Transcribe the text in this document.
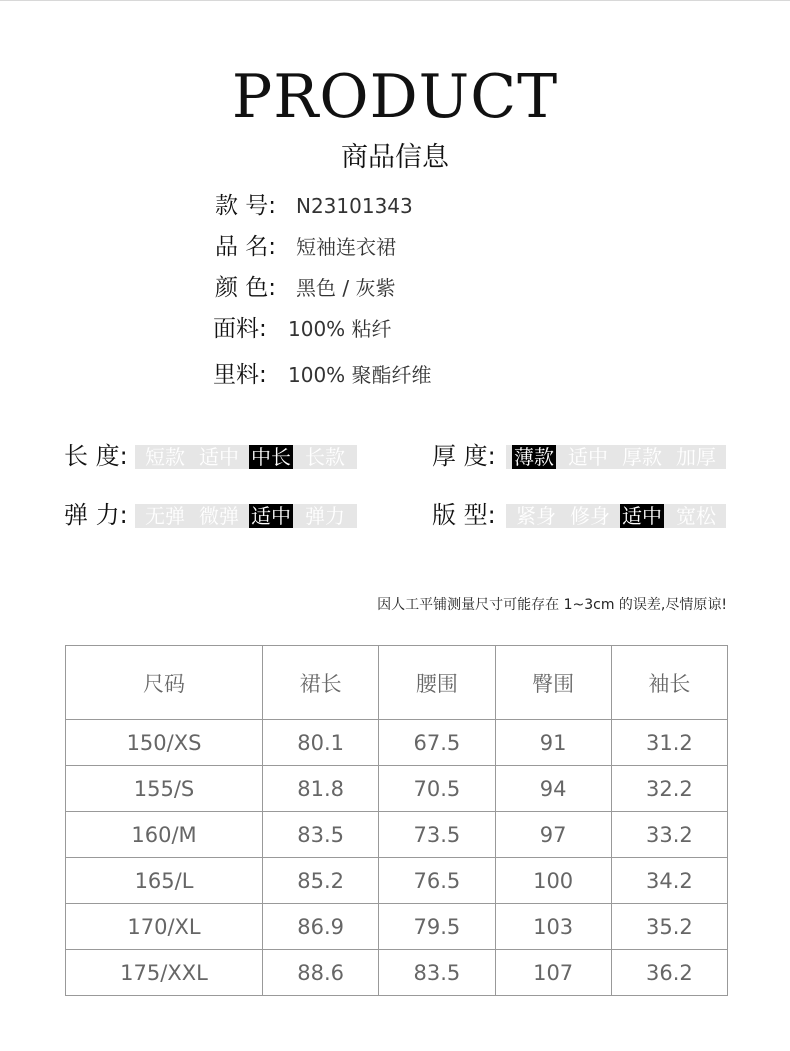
PRODUCT
商品信息
款 号: N23101343
品 名: 短袖连衣裙
颜 色: 黑色 / 灰紫
面料: 100% 粘纤
里料: 100% 聚酯纤维
长 度: 短款 适中 中长 长款	厚 度: 薄款 适中 厚款 加厚
弹 力: 无弹 微弹 适中 弹力	版 型: 紧身 修身 适中 宽松
因人工平铺测量尺寸可能存在 1~3cm 的误差,尽情原谅!
尺码	裙长	腰围	臀围	袖长
150/XS	80.1	67.5	91	31.2
155/S	81.8	70.5	94	32.2
160/M	83.5	73.5	97	33.2
165/L	85.2	76.5	100	34.2
170/XL	86.9	79.5	103	35.2
175/XXL	88.6	83.5	107	36.2
